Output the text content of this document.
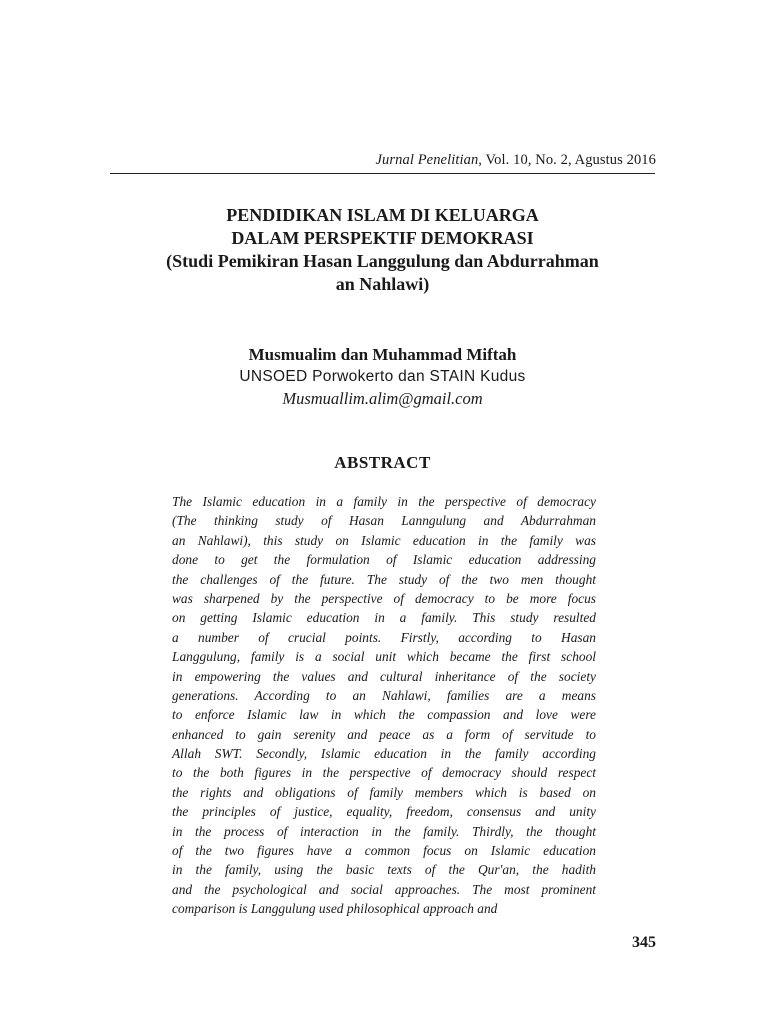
Jurnal Penelitian, Vol. 10, No. 2, Agustus 2016
PENDIDIKAN ISLAM DI KELUARGA
DALAM PERSPEKTIF DEMOKRASI
(Studi Pemikiran Hasan Langgulung dan Abdurrahman
an Nahlawi)
Musmualim dan Muhammad Miftah
UNSOED Porwokerto dan STAIN Kudus
Musmuallim.alim@gmail.com
ABSTRACT
The Islamic education in a family in the perspective of democracy
(The thinking study of Hasan Lanngulung and Abdurrahman
an Nahlawi), this study on Islamic education in the family was
done to get the formulation of Islamic education addressing
the challenges of the future. The study of the two men thought
was sharpened by the perspective of democracy to be more focus
on getting Islamic education in a family. This study resulted
a number of crucial points. Firstly, according to Hasan
Langgulung, family is a social unit which became the first school
in empowering the values and cultural inheritance of the society
generations. According to an Nahlawi, families are a means
to enforce Islamic law in which the compassion and love were
enhanced to gain serenity and peace as a form of servitude to
Allah SWT. Secondly, Islamic education in the family according
to the both figures in the perspective of democracy should respect
the rights and obligations of family members which is based on
the principles of justice, equality, freedom, consensus and unity
in the process of interaction in the family. Thirdly, the thought
of the two figures have a common focus on Islamic education
in the family, using the basic texts of the Qur'an, the hadith
and the psychological and social approaches. The most prominent
comparison is Langgulung used philosophical approach and
345
